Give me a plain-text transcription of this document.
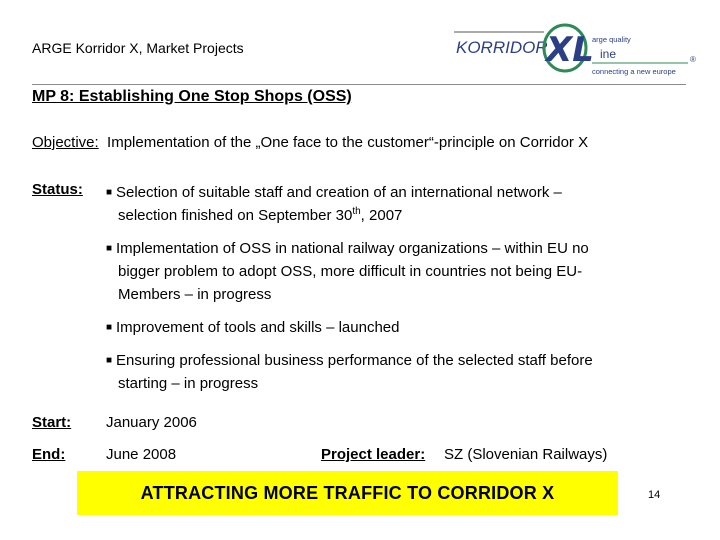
ARGE Korridor X, Market Projects	KORRIDOR
XL
arge quality
ine
connecting a new europe
®
MP 8: Establishing One Stop Shops (OSS)
Objective: Implementation of the „One face to the customer“-principle on Corridor X
Status: ■ Selection of suitable staff and creation of an international network –

selection finished on September 30th, 2007

■ Implementation of OSS in national railway organizations – within EU no

bigger problem to adopt OSS, more difficult in countries not being EU-

Members – in progress

■ Improvement of tools and skills – launched

■ Ensuring professional business performance of the selected staff before

starting – in progress

Start: January 2006
End:	June 2008	Project leader: SZ (Slovenian Railways)
ATTRACTING MORE TRAFFIC TO CORRIDOR X	14
